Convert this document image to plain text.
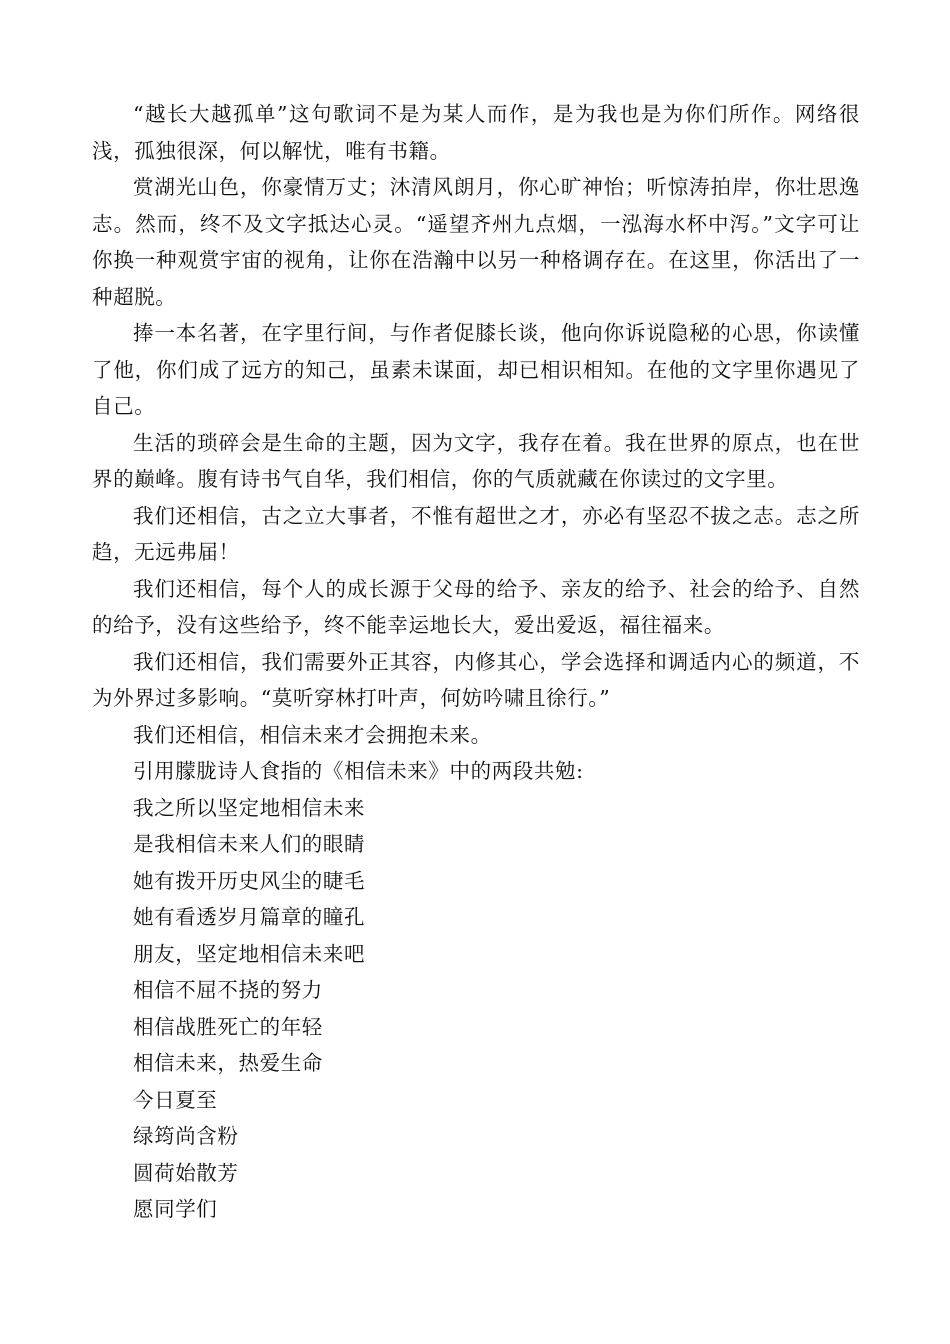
“越长大越孤单”这句歌词不是为某人而作，是为我也是为你们所作。网络很浅，孤独很深，何以解忧，唯有书籍。

赏湖光山色，你豪情万丈；沐清风朗月，你心旷神怡；听惊涛拍岸，你壮思逸志。然而，终不及文字抵达心灵。“遥望齐州九点烟，一泓海水杯中泻。”文字可让你换一种观赏宇宙的视角，让你在浩瀚中以另一种格调存在。在这里，你活出了一种超脱。

捧一本名著，在字里行间，与作者促膝长谈，他向你诉说隐秘的心思，你读懂了他，你们成了远方的知己，虽素未谋面，却已相识相知。在他的文字里你遇见了自己。

生活的琐碎会是生命的主题，因为文字，我存在着。我在世界的原点，也在世界的巅峰。腹有诗书气自华，我们相信，你的气质就藏在你读过的文字里。

我们还相信，古之立大事者，不惟有超世之才，亦必有坚忍不拔之志。志之所趋，无远弗届！

我们还相信，每个人的成长源于父母的给予、亲友的给予、社会的给予、自然的给予，没有这些给予，终不能幸运地长大，爱出爱返，福往福来。

我们还相信，我们需要外正其容，内修其心，学会选择和调适内心的频道，不为外界过多影响。“莫听穿林打叶声，何妨吟啸且徐行。”

我们还相信，相信未来才会拥抱未来。

引用朦胧诗人食指的《相信未来》中的两段共勉:

我之所以坚定地相信未来

是我相信未来人们的眼睛

她有拨开历史风尘的睫毛

她有看透岁月篇章的瞳孔

朋友，坚定地相信未来吧

相信不屈不挠的努力

相信战胜死亡的年轻

相信未来，热爱生命

今日夏至

绿筠尚含粉

圆荷始散芳

愿同学们
